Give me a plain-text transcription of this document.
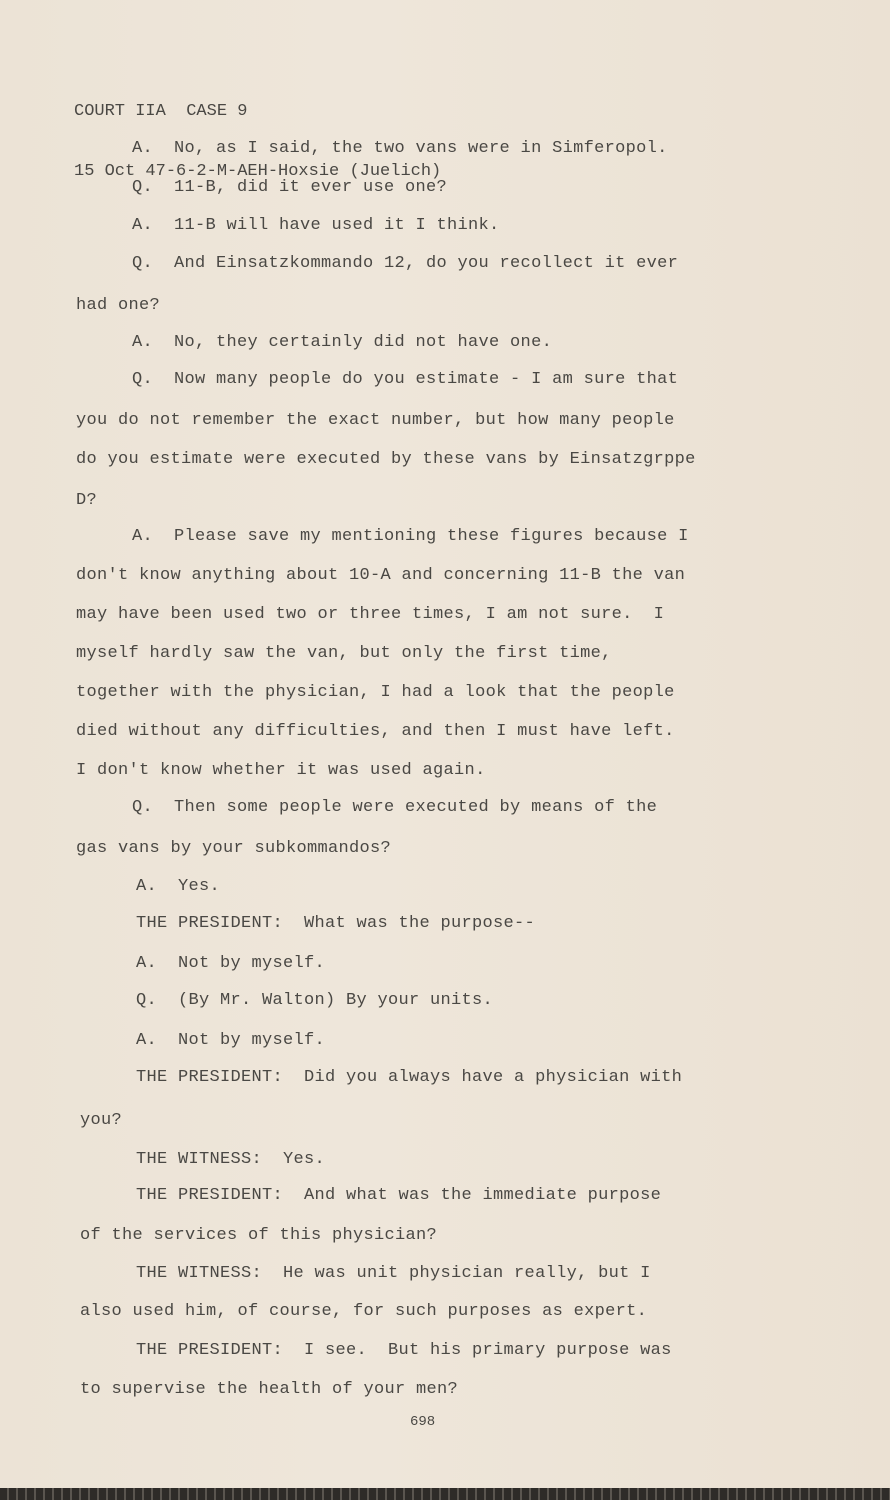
COURT IIA  CASE 9

15 Oct 47-6-2-M-AEH-Hoxsie (Juelich)

A.  No, as I said, the two vans were in Simferopol.
Q.  11-B, did it ever use one?
A.  11-B will have used it I think.
Q.  And Einsatzkommando 12, do you recollect it ever
had one?
A.  No, they certainly did not have one.
Q.  Now many people do you estimate - I am sure that
you do not remember the exact number, but how many people
do you estimate were executed by these vans by Einsatzgrppe
D?
A.  Please save my mentioning these figures because I
don't know anything about 10-A and concerning 11-B the van
may have been used two or three times, I am not sure.  I
myself hardly saw the van, but only the first time,
together with the physician, I had a look that the people
died without any difficulties, and then I must have left.
I don't know whether it was used again.
Q.  Then some people were executed by means of the
gas vans by your subkommandos?
A.  Yes.
THE PRESIDENT:  What was the purpose--
A.  Not by myself.
Q.  (By Mr. Walton) By your units.
A.  Not by myself.
THE PRESIDENT:  Did you always have a physician with
you?
THE WITNESS:  Yes.
THE PRESIDENT:  And what was the immediate purpose
of the services of this physician?
THE WITNESS:  He was unit physician really, but I
also used him, of course, for such purposes as expert.
THE PRESIDENT:  I see.  But his primary purpose was
to supervise the health of your men?
698
